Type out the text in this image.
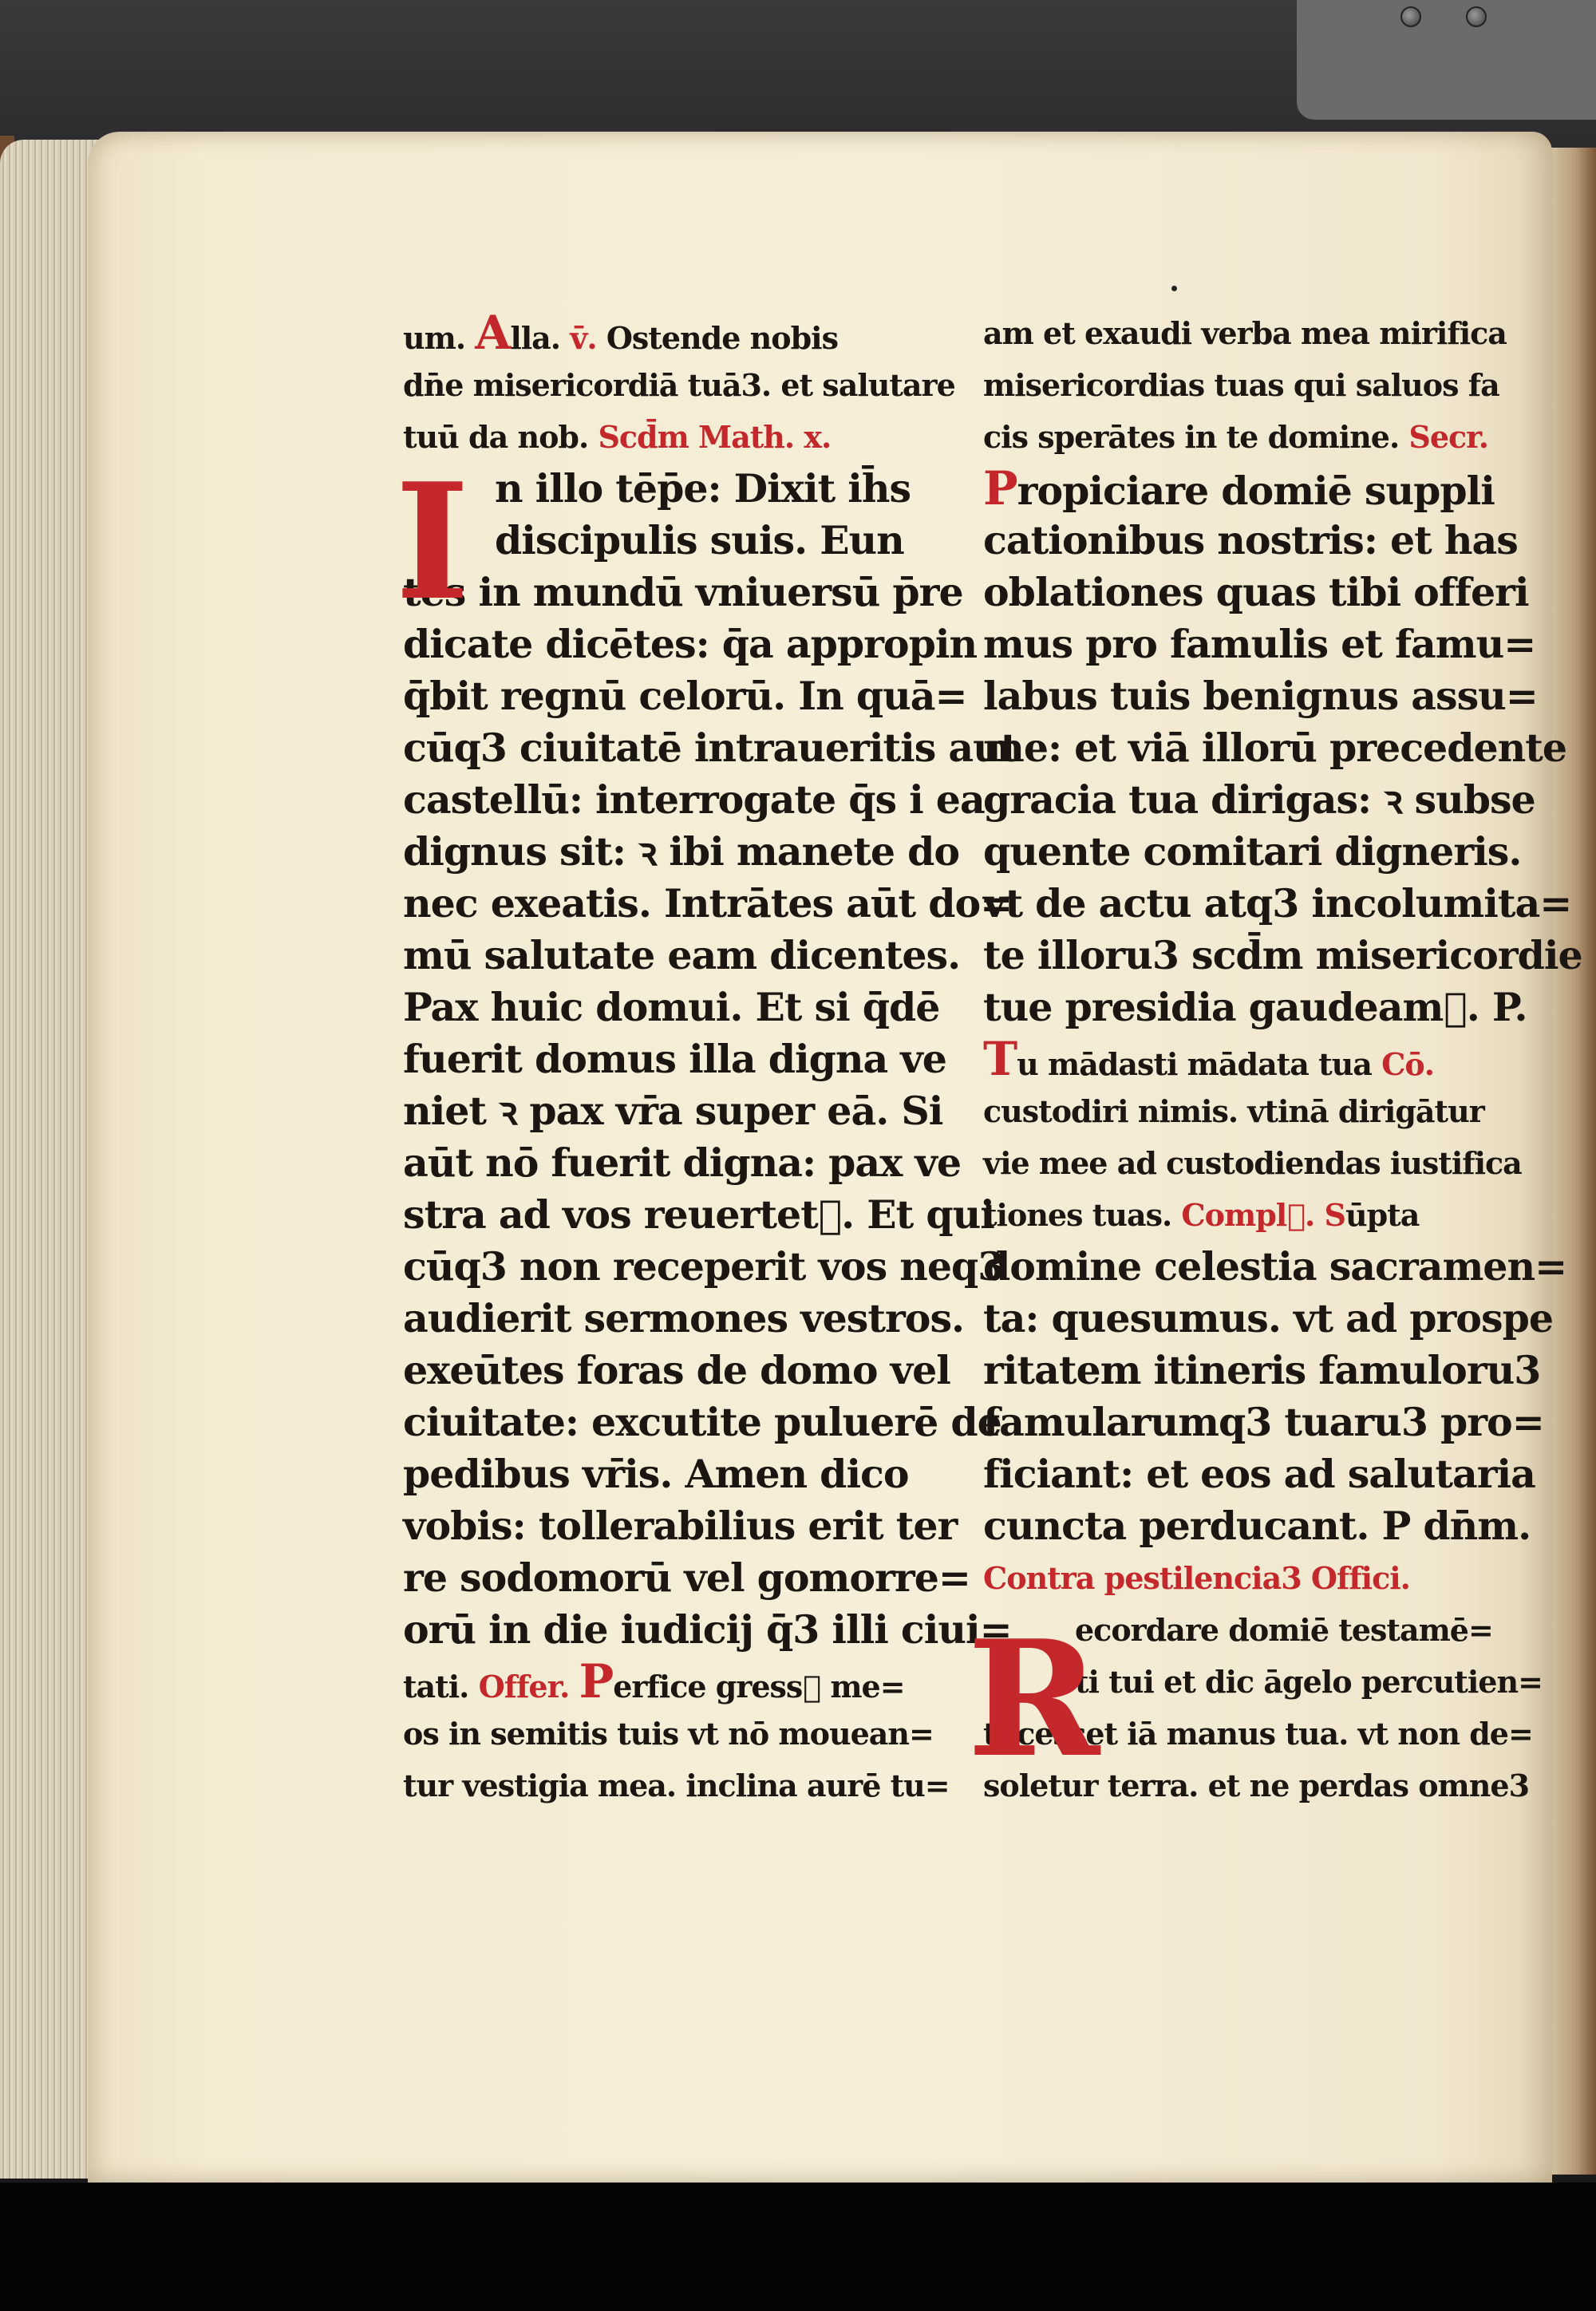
I
um. Alla. v̄. Ostende nobis
dn̄e misericordiā tuā3. et salutare
tuū da nob. Scd̄m Math. x.
n illo tēp̄e: Dixit ih̄s
discipulis suis. Eun
tes in mundū vniuersū p̄re
dicate dicētes: q̄a appropin
q̄bit regnū celorū. In quā=
cūq3 ciuitatē intraueritis aut
castellū: interrogate q̄s i ea
dignus sit: ꝛ ibi manete do
nec exeatis. Intrātes aūt do=
mū salutate eam dicentes.
Pax huic domui. Et si q̄dē
fuerit domus illa digna ve
niet ꝛ pax vr̄a super eā. Si
aūt nō fuerit digna: pax ve
stra ad vos reuertet᷑. Et qui
cūq3 non receperit vos neq3
audierit sermones vestros.
exeūtes foras de domo vel
ciuitate: excutite puluerē de
pedibus vr̄is. Amen dico
vobis: tollerabilius erit ter
re sodomorū vel gomorre=
orū in die iudicij q̄3 illi ciui=
tati. Offer. Perfice gress᷒ me=
os in semitis tuis vt nō mouean=
tur vestigia mea. inclina aurē tu= R
am et exaudi verba mea mirifica
misericordias tuas qui saluos fa
cis sperātes in te domine. Secr.
Propiciare domiē suppli
cationibus nostris: et has
oblationes quas tibi offeri
mus pro famulis et famu=
labus tuis benignus assu=
me: et viā illorū precedente
gracia tua dirigas: ꝛ subse
quente comitari digneris.
vt de actu atq3 incolumita=
te illoru3 scd̄m misericordie
tue presidia gaudeam᷒. P.
Tu mādasti mādata tua Cō.
custodiri nimis. vtinā dirigātur
vie mee ad custodiendas iustifica
tiones tuas. Compl᷒. Sūpta
domine celestia sacramen=
ta: quesumus. vt ad prospe
ritatem itineris famuloru3
famularumq3 tuaru3 pro=
ficiant: et eos ad salutaria
cuncta perducant. P dn̄m.
Contra pestilencia3 Offici.
ecordare domiē testamē=
ti tui et dic āgelo percutien=
ti cesset iā manus tua. vt non de=
soletur terra. et ne perdas omne3
